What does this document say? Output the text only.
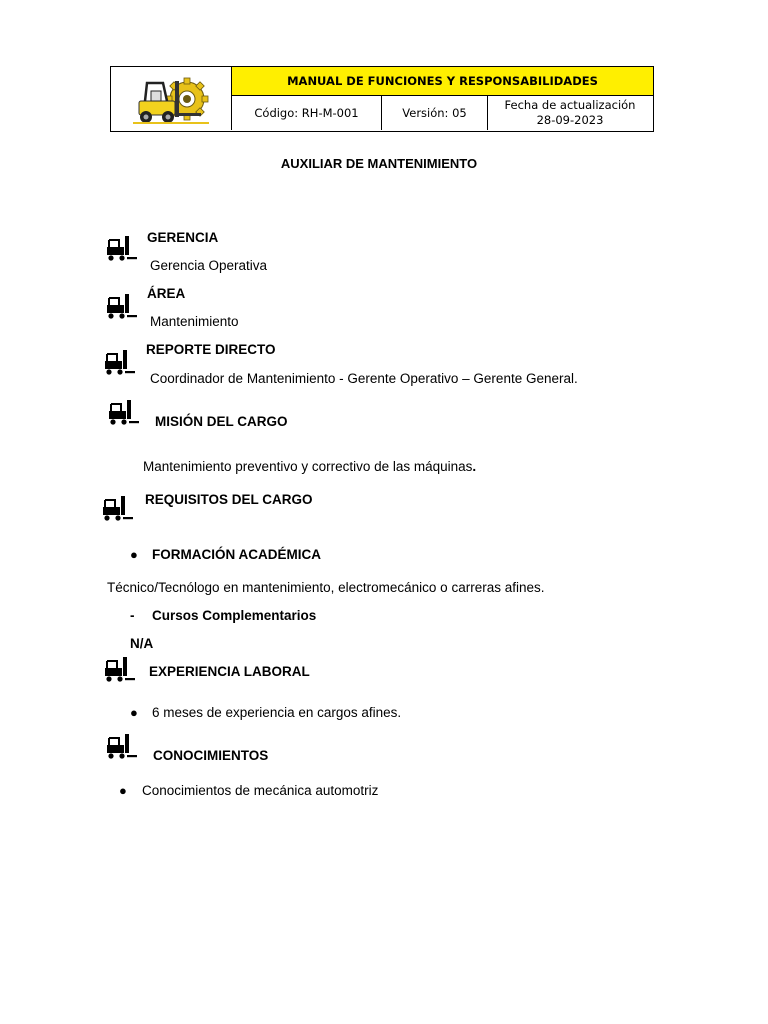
MANUAL DE FUNCIONES Y RESPONSABILIDADES
Código: RH-M-001	Versión: 05
Fecha de actualización
28-09-2023
AUXILIAR DE MANTENIMIENTO
GERENCIA
Gerencia Operativa
ÁREA
Mantenimiento
REPORTE DIRECTO
Coordinador de Mantenimiento - Gerente Operativo – Gerente General.
MISIÓN DEL CARGO
Mantenimiento preventivo y correctivo de las máquinas.
REQUISITOS DEL CARGO
● FORMACIÓN ACADÉMICA
Técnico/Tecnólogo en mantenimiento, electromecánico o carreras afines.
- Cursos Complementarios
N/A
EXPERIENCIA LABORAL
● 6 meses de experiencia en cargos afines.
CONOCIMIENTOS
● Conocimientos de mecánica automotriz
